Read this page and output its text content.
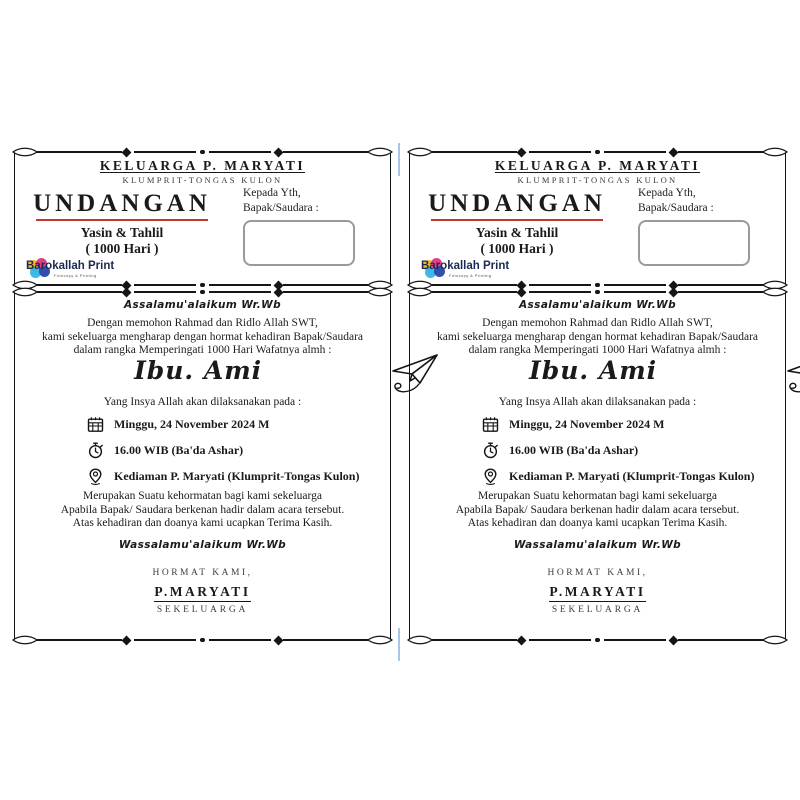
KELUARGA P. MARYATI
KLUMPRIT-TONGAS KULON
UNDANGAN
Yasin & Tahlil
( 1000 Hari )
Kepada Yth,
Bapak/Saudara :
Barokallah Print
Fotocopy & Printing
Assalamu'alaikum Wr.Wb
Dengan memohon Rahmad dan Ridlo Allah SWT,
kami sekeluarga mengharap dengan hormat kehadiran Bapak/Saudara
dalam rangka Memperingati 1000 Hari Wafatnya almh :
Ibu. Ami
Yang Insya Allah akan dilaksanakan pada :
Minggu, 24 November 2024 M
16.00 WIB (Ba'da Ashar)
Kediaman P. Maryati (Klumprit-Tongas Kulon)
Merupakan Suatu kehormatan bagi kami sekeluarga
Apabila Bapak/ Saudara berkenan hadir dalam acara tersebut.
Atas kehadiran dan doanya kami ucapkan Terima Kasih.
Wassalamu'alaikum Wr.Wb
HORMAT KAMI,
P.MARYATI
SEKELUARGA
KELUARGA P. MARYATI
KLUMPRIT-TONGAS KULON
UNDANGAN
Yasin & Tahlil
( 1000 Hari )
Kepada Yth,
Bapak/Saudara :
Barokallah Print
Fotocopy & Printing
Assalamu'alaikum Wr.Wb
Dengan memohon Rahmad dan Ridlo Allah SWT,
kami sekeluarga mengharap dengan hormat kehadiran Bapak/Saudara
dalam rangka Memperingati 1000 Hari Wafatnya almh :
Ibu. Ami
Yang Insya Allah akan dilaksanakan pada :
Minggu, 24 November 2024 M
16.00 WIB (Ba'da Ashar)
Kediaman P. Maryati (Klumprit-Tongas Kulon)
Merupakan Suatu kehormatan bagi kami sekeluarga
Apabila Bapak/ Saudara berkenan hadir dalam acara tersebut.
Atas kehadiran dan doanya kami ucapkan Terima Kasih.
Wassalamu'alaikum Wr.Wb
HORMAT KAMI,
P.MARYATI
SEKELUARGA
